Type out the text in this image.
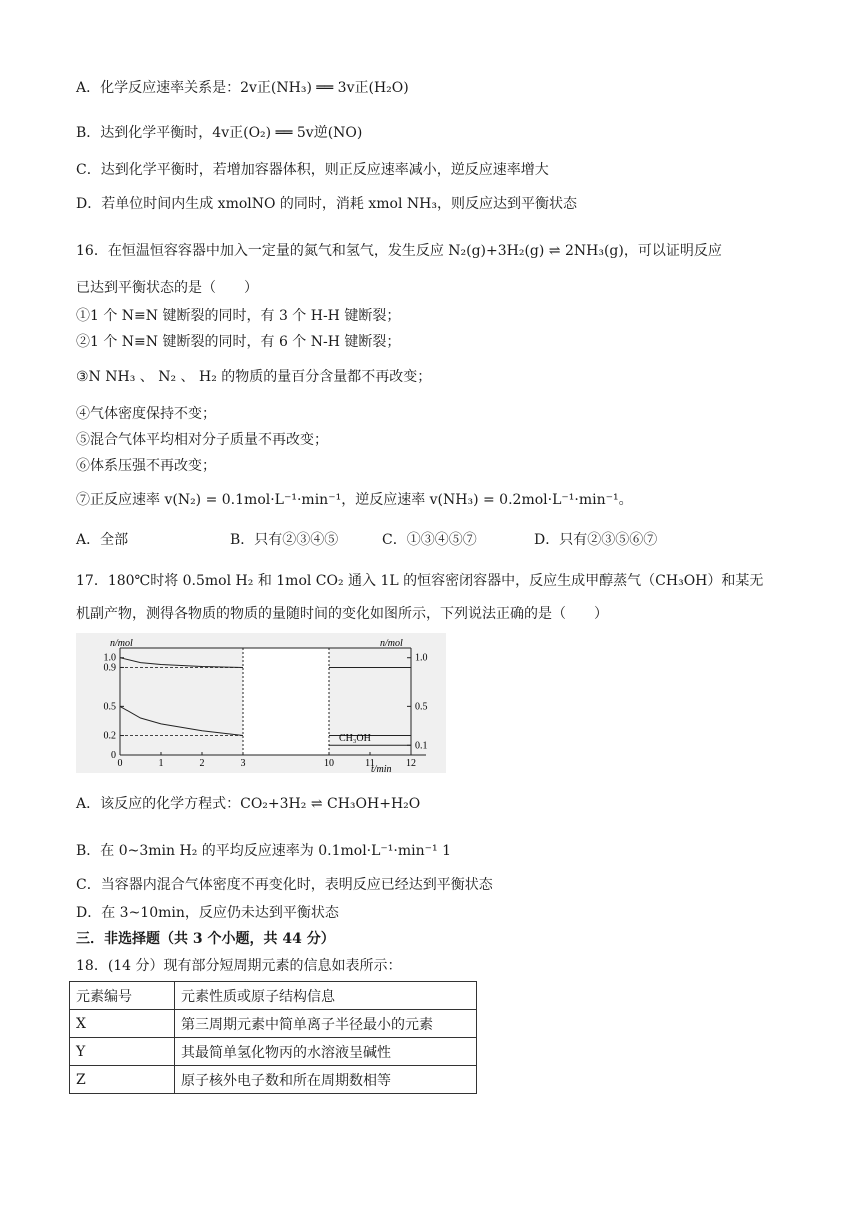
A．化学反应速率关系是：2v正(NH₃) ══ 3v正(H₂O)
B．达到化学平衡时，4v正(O₂) ══ 5v逆(NO)
C．达到化学平衡时，若增加容器体积，则正反应速率减小，逆反应速率增大
D．若单位时间内生成 xmolNO 的同时，消耗 xmol NH₃，则反应达到平衡状态
16．在恒温恒容容器中加入一定量的氮气和氢气，发生反应 N₂(g)+3H₂(g) ⇌ 2NH₃(g)，可以证明反应
已达到平衡状态的是（　　）
①1 个 N≡N 键断裂的同时，有 3 个 H-H 键断裂；
②1 个 N≡N 键断裂的同时，有 6 个 N-H 键断裂；
③N NH₃ 、 N₂ 、 H₂ 的物质的量百分含量都不再改变；
④气体密度保持不变；
⑤混合气体平均相对分子质量不再改变；
⑥体系压强不再改变；
⑦正反应速率 v(N₂) = 0.1mol·L⁻¹·min⁻¹，逆反应速率 v(NH₃) = 0.2mol·L⁻¹·min⁻¹。
A．全部	B．只有②③④⑤	C．①③④⑤⑦	D．只有②③⑤⑥⑦
17．180℃时将 0.5mol H₂ 和 1mol CO₂ 通入 1L 的恒容密闭容器中，反应生成甲醇蒸气（CH₃OH）和某无
机副产物，测得各物质的物质的量随时间的变化如图所示，下列说法正确的是（　　）
1.0
0.9
0.5
0.2
0
1.0
0.5
0.1
0	1	2	3	10	11	12
n/mol	n/mol
t/min
CH₃OH
A．该反应的化学方程式：CO₂+3H₂ ⇌ CH₃OH+H₂O
B．在 0~3min H₂ 的平均反应速率为 0.1mol·L⁻¹·min⁻¹ 1
C．当容器内混合气体密度不再变化时，表明反应已经达到平衡状态
D．在 3~10min，反应仍未达到平衡状态
三．非选择题（共 3 个小题，共 44 分）
18．(14 分）现有部分短周期元素的信息如表所示：
元素编号	元素性质或原子结构信息
X	第三周期元素中简单离子半径最小的元素
Y	其最简单氢化物丙的水溶液呈碱性
Z	原子核外电子数和所在周期数相等
